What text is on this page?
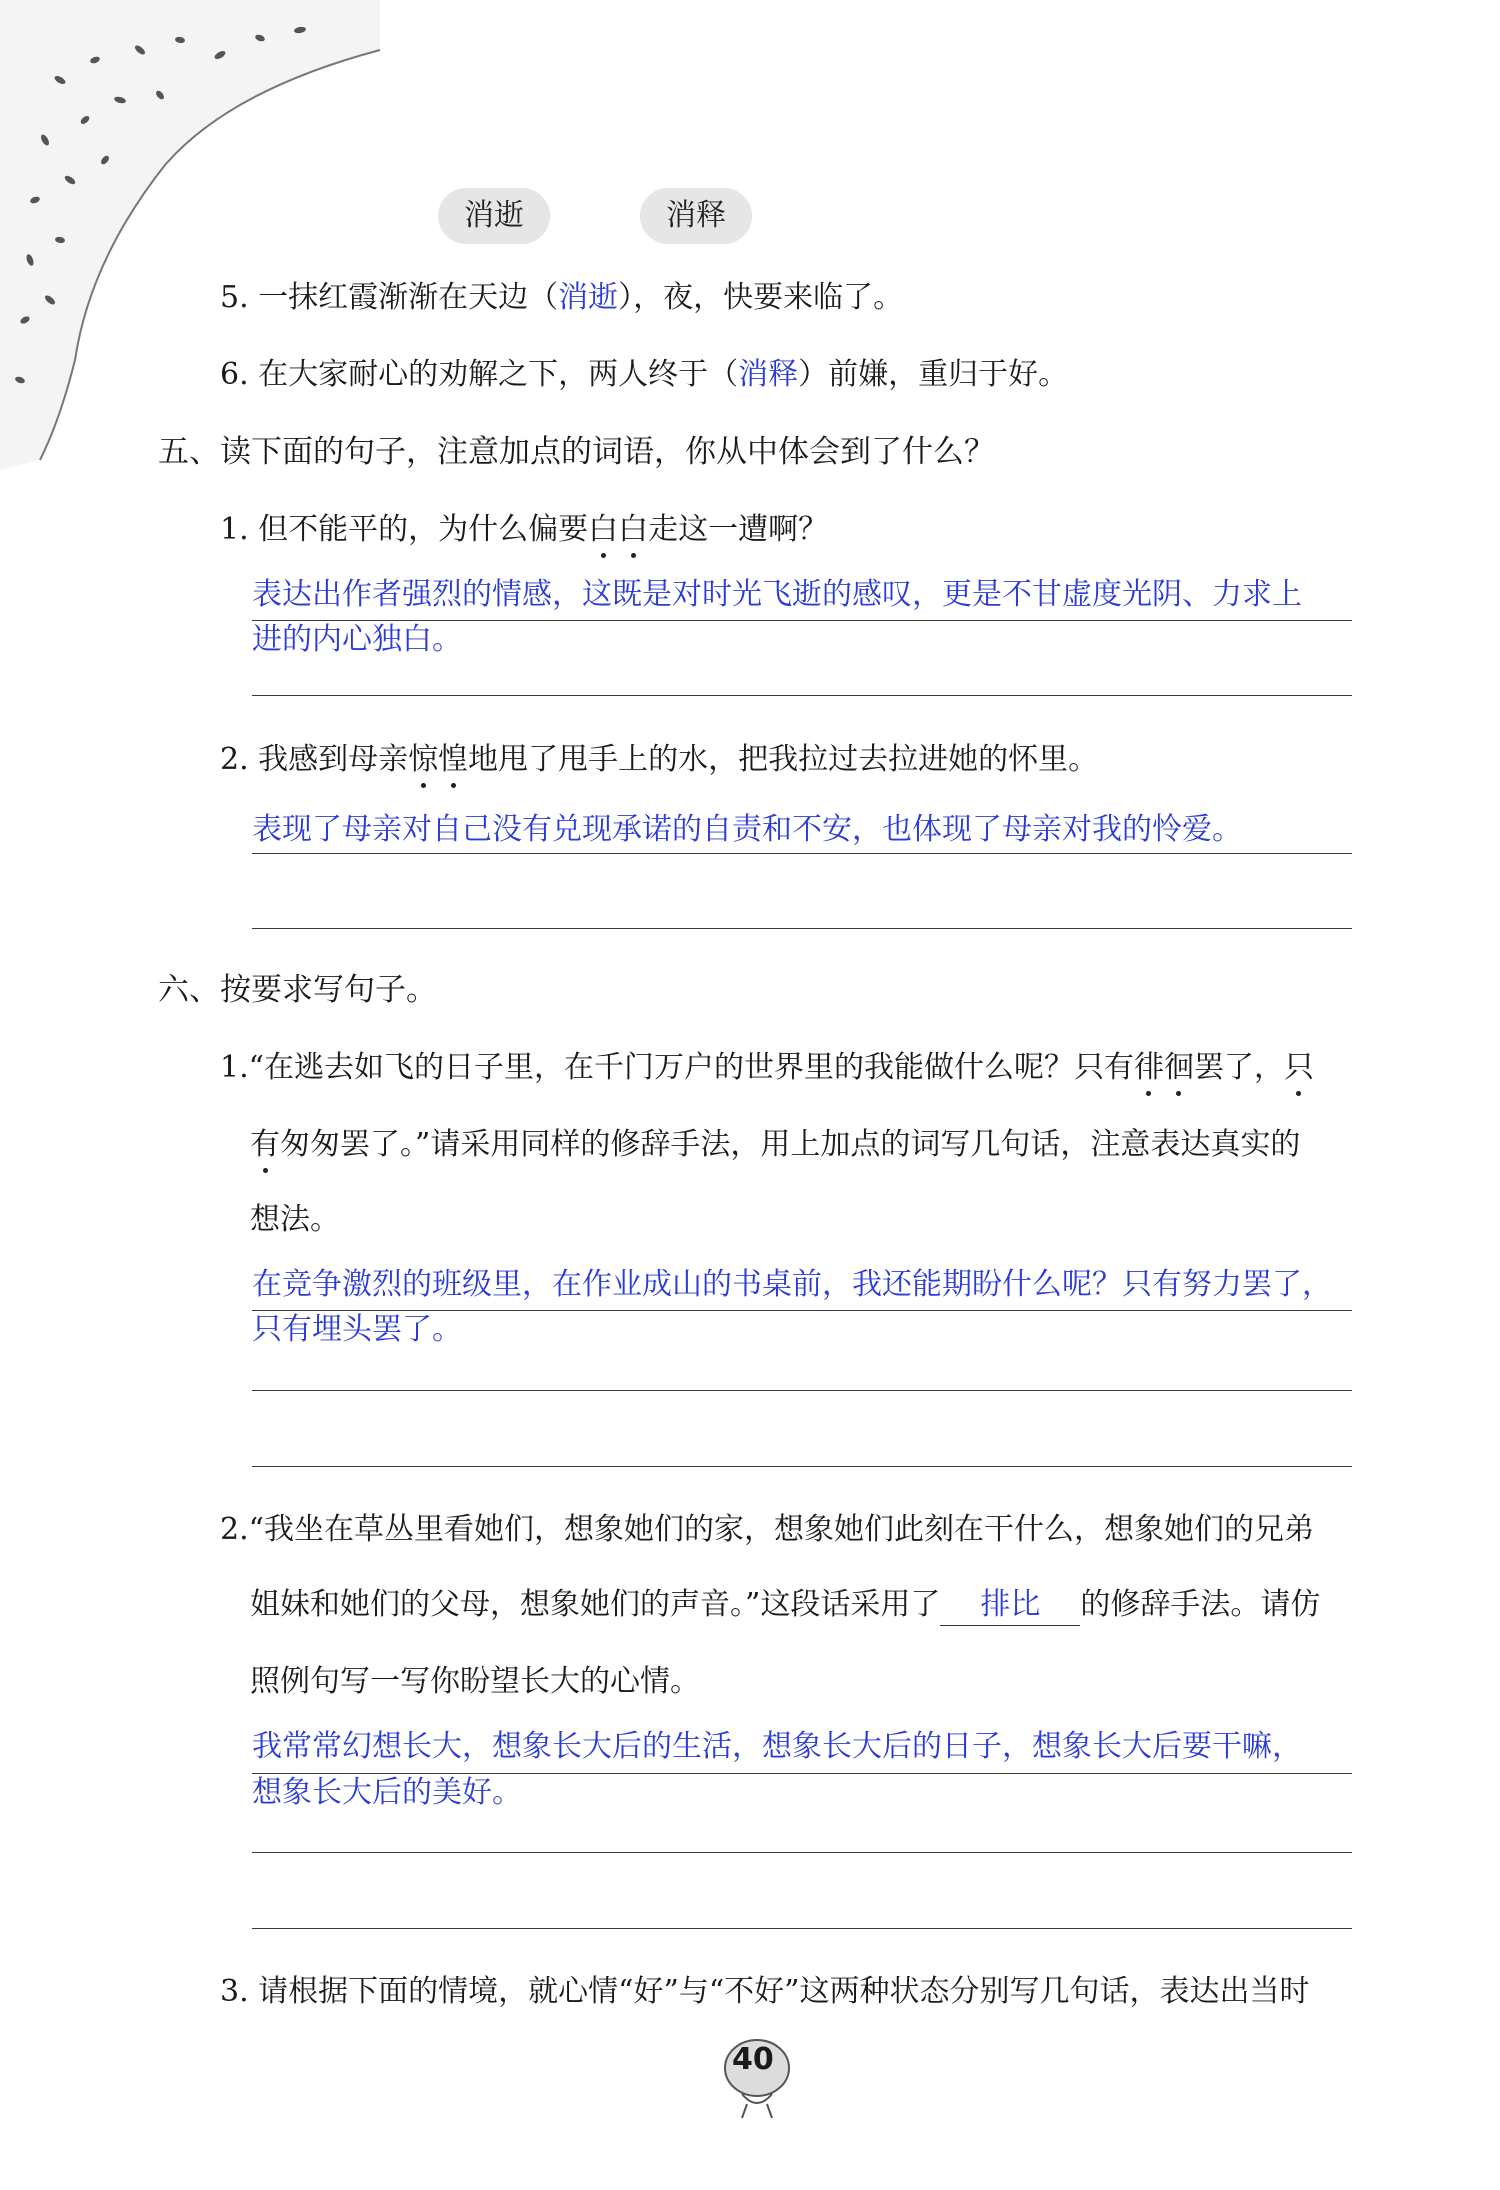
消逝	消释
5. 一抹红霞渐渐在天边（消逝），夜，快要来临了。
6. 在大家耐心的劝解之下，两人终于（消释）前嫌，重归于好。
五、读下面的句子，注意加点的词语，你从中体会到了什么？
1. 但不能平的，为什么偏要白白走这一遭啊？
表达出作者强烈的情感，这既是对时光飞逝的感叹，更是不甘虚度光阴、力求上
进的内心独白。
2. 我感到母亲惊惶地甩了甩手上的水，把我拉过去拉进她的怀里。
表现了母亲对自己没有兑现承诺的自责和不安，也体现了母亲对我的怜爱。
六、按要求写句子。
1.“在逃去如飞的日子里，在千门万户的世界里的我能做什么呢？只有徘徊罢了，只
有匆匆罢了。”请采用同样的修辞手法，用上加点的词写几句话，注意表达真实的
想法。
在竞争激烈的班级里，在作业成山的书桌前，我还能期盼什么呢？只有努力罢了，
只有埋头罢了。
2.“我坐在草丛里看她们，想象她们的家，想象她们此刻在干什么，想象她们的兄弟
姐妹和她们的父母，想象她们的声音。”这段话采用了 排比 的修辞手法。请仿
照例句写一写你盼望长大的心情。
我常常幻想长大，想象长大后的生活，想象长大后的日子，想象长大后要干嘛，
想象长大后的美好。
3. 请根据下面的情境，就心情“好”与“不好”这两种状态分别写几句话，表达出当时
40
